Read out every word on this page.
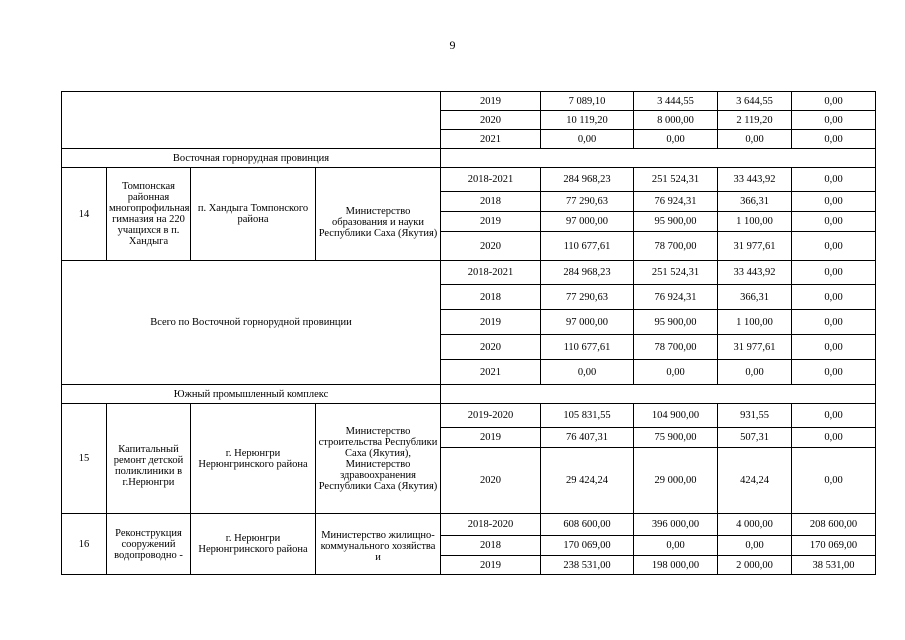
9
				2019	7 089,10	3 444,55	3 644,55	0,00
				2020	10 119,20	8 000,00	2 119,20	0,00
				2021	0,00	0,00	0,00	0,00
Восточная горнорудная провинция								
14	Томпонская районная многопрофильная гимназия на 220 учащихся в п. Хандыга	п. Хандыга Томпонского района	Министерство образования и науки Республики Саха (Якутия)	2018-2021	284 968,23	251 524,31	33 443,92	0,00
				2018	77 290,63	76 924,31	366,31	0,00
				2019	97 000,00	95 900,00	1 100,00	0,00
				2020	110 677,61	78 700,00	31 977,61	0,00
Всего по Восточной горнорудной провинции				2018-2021	284 968,23	251 524,31	33 443,92	0,00
				2018	77 290,63	76 924,31	366,31	0,00
				2019	97 000,00	95 900,00	1 100,00	0,00
				2020	110 677,61	78 700,00	31 977,61	0,00
				2021	0,00	0,00	0,00	0,00
Южный промышленный комплекс								
15	Капитальный ремонт детской поликлиники в г.Нерюнгри	г. Нерюнгри Нерюнгринского района	Министерство строительства Республики Саха (Якутия), Министерство здравоохранения Республики Саха (Якутия)	2019-2020	105 831,55	104 900,00	931,55	0,00
				2019	76 407,31	75 900,00	507,31	0,00
				2020	29 424,24	29 000,00	424,24	0,00
16	Реконструкция сооружений водопроводно -	г. Нерюнгри Нерюнгринского района	Министерство жилищно- коммунального хозяйства и	2018-2020	608 600,00	396 000,00	4 000,00	208 600,00
				2018	170 069,00	0,00	0,00	170 069,00
				2019	238 531,00	198 000,00	2 000,00	38 531,00
